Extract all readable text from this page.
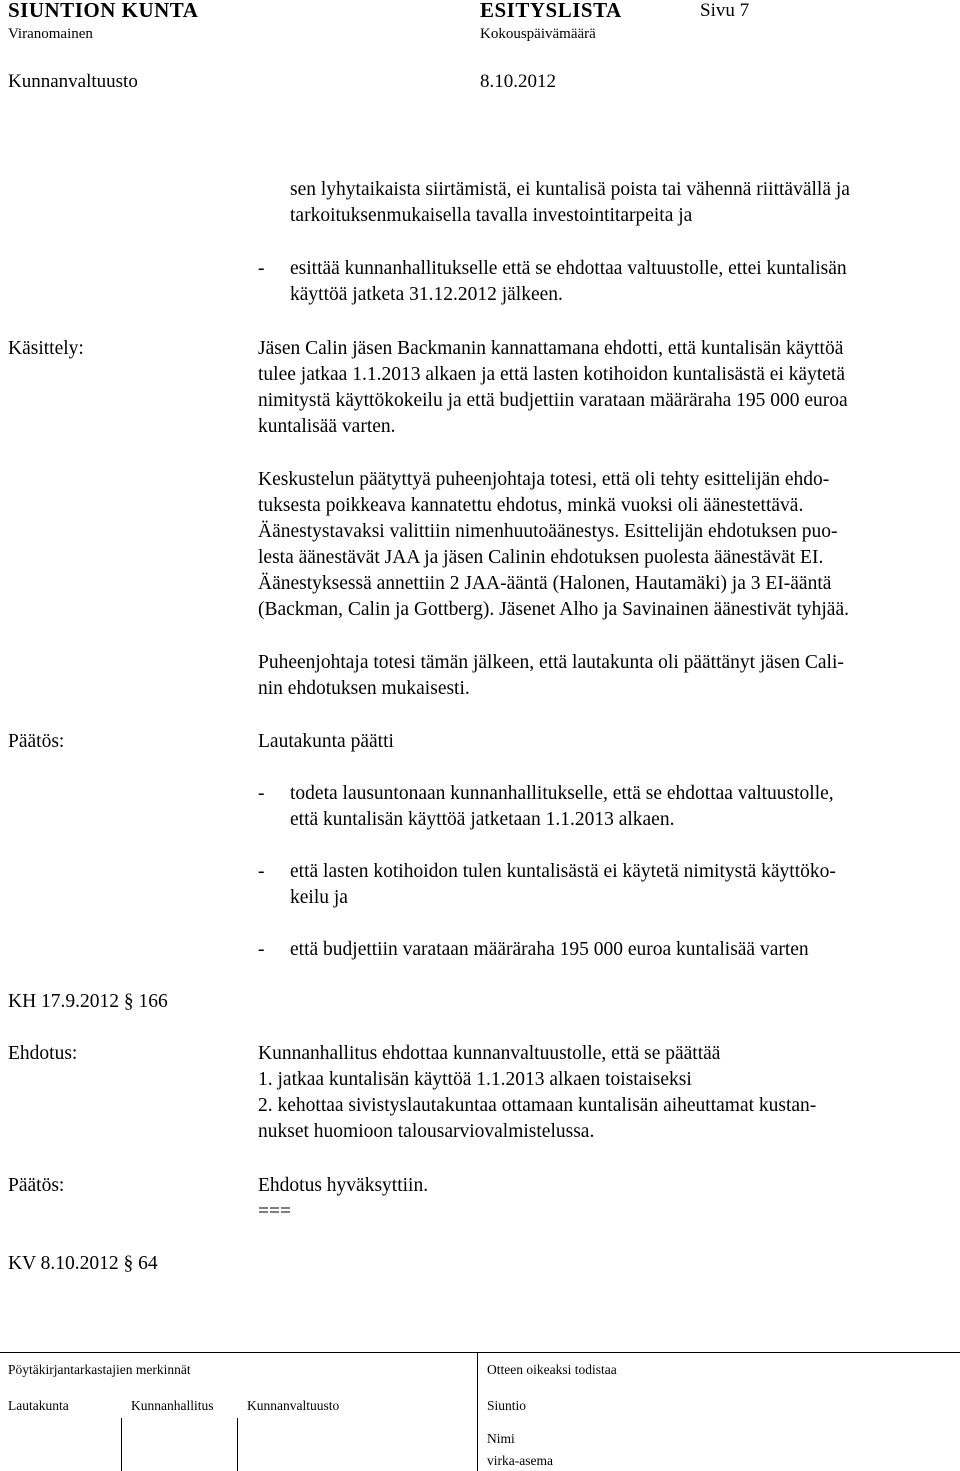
SIUNTION KUNTA	ESITYSLISTA	Sivu 7
Viranomainen	Kokouspäivämäärä
Kunnanvaltuusto	8.10.2012
sen lyhytaikaista siirtämistä, ei kuntalisä poista tai vähennä riittävällä ja
tarkoituksenmukaisella tavalla investointitarpeita ja
- esittää kunnanhallitukselle että se ehdottaa valtuustolle, ettei kuntalisän
käyttöä jatketa 31.12.2012 jälkeen.
Käsittely:	Jäsen Calin jäsen Backmanin kannattamana ehdotti, että kuntalisän käyttöä
tulee jatkaa 1.1.2013 alkaen ja että lasten kotihoidon kuntalisästä ei käytetä
nimitystä käyttökokeilu ja että budjettiin varataan määräraha 195 000 euroa
kuntalisää varten.
Keskustelun päätyttyä puheenjohtaja totesi, että oli tehty esittelijän ehdo-
tuksesta poikkeava kannatettu ehdotus, minkä vuoksi oli äänestettävä.
Äänestystavaksi valittiin nimenhuutoäänestys. Esittelijän ehdotuksen puo-
lesta äänestävät JAA ja jäsen Calinin ehdotuksen puolesta äänestävät EI.
Äänestyksessä annettiin 2 JAA-ääntä (Halonen, Hautamäki) ja 3 EI-ääntä
(Backman, Calin ja Gottberg). Jäsenet Alho ja Savinainen äänestivät tyhjää.
Puheenjohtaja totesi tämän jälkeen, että lautakunta oli päättänyt jäsen Cali-
nin ehdotuksen mukaisesti.
Päätös:	Lautakunta päätti
- todeta lausuntonaan kunnanhallitukselle, että se ehdottaa valtuustolle,
että kuntalisän käyttöä jatketaan 1.1.2013 alkaen.
- että lasten kotihoidon tulen kuntalisästä ei käytetä nimitystä käyttöko-
keilu ja
- että budjettiin varataan määräraha 195 000 euroa kuntalisää varten
KH 17.9.2012 § 166
Ehdotus:	Kunnanhallitus ehdottaa kunnanvaltuustolle, että se päättää
1. jatkaa kuntalisän käyttöä 1.1.2013 alkaen toistaiseksi
2. kehottaa sivistyslautakuntaa ottamaan kuntalisän aiheuttamat kustan-
nukset huomioon talousarviovalmistelussa.
Päätös:	Ehdotus hyväksyttiin.
===
KV 8.10.2012 § 64
Pöytäkirjantarkastajien merkinnät	Otteen oikeaksi todistaa
Lautakunta	Kunnanhallitus Kunnanvaltuusto	Siuntio
Nimi
virka-asema
